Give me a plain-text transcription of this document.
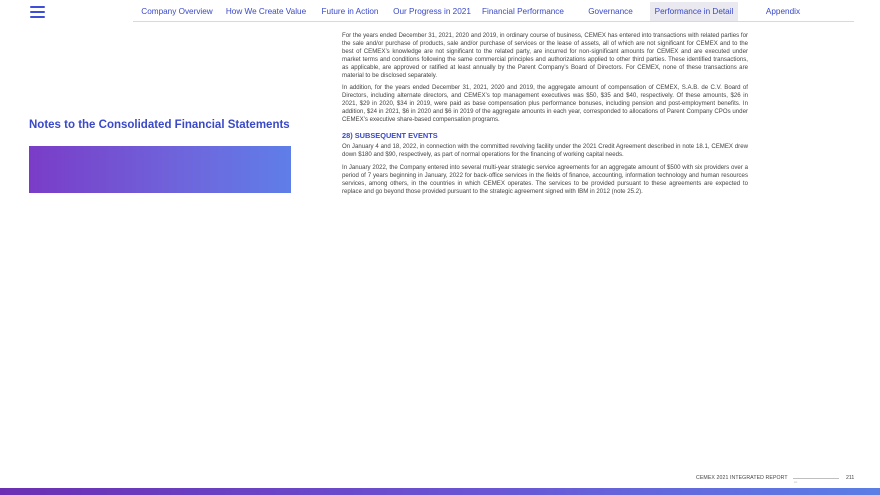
Company Overview	How We Create Value	Future in Action	Our Progress in 2021	Financial Performance	Governance	Performance in Detail	Appendix
Notes to the Consolidated Financial Statements

For the years ended December 31, 2021, 2020 and 2019, in ordinary course of business, CEMEX has entered into transactions with related parties for the sale and/or purchase of products, sale and/or purchase of services or the lease of assets, all of which are not significant for CEMEX and to the best of CEMEX’s knowledge are not significant to the related party, are incurred for non-significant amounts for CEMEX and are executed under market terms and conditions following the same commercial principles and authorizations applied to other third parties. These identified transactions, as applicable, are approved or ratified at least annually by the Parent Company’s Board of Directors. For CEMEX, none of these transactions are material to be disclosed separately.

In addition, for the years ended December 31, 2021, 2020 and 2019, the aggregate amount of compensation of CEMEX, S.A.B. de C.V. Board of Directors, including alternate directors, and CEMEX’s top management executives was $50, $35 and $40, respectively. Of these amounts, $26 in 2021, $29 in 2020, $34 in 2019, were paid as base compensation plus performance bonuses, including pension and post-employment benefits. In addition, $24 in 2021, $6 in 2020 and $6 in 2019 of the aggregate amounts in each year, corresponded to allocations of Parent Company CPOs under CEMEX’s executive share-based compensation programs.

28) SUBSEQUENT EVENTS

On January 4 and 18, 2022, in connection with the committed revolving facility under the 2021 Credit Agreement described in note 18.1, CEMEX drew down $180 and $90, respectively, as part of normal operations for the financing of working capital needs.

In January 2022, the Company entered into several multi-year strategic service agreements for an aggregate amount of $500 with six providers over a period of 7 years beginning in January, 2022 for back-office services in the fields of finance, accounting, information technology and human resources services, among others, in the countries in which CEMEX operates. The services to be provided pursuant to these agreements are expected to replace and go beyond those provided pursuant to the strategic agreement signed with IBM in 2012 (note 25.2).

CEMEX 2021 INTEGRATED REPORT
▪▪▪
211
